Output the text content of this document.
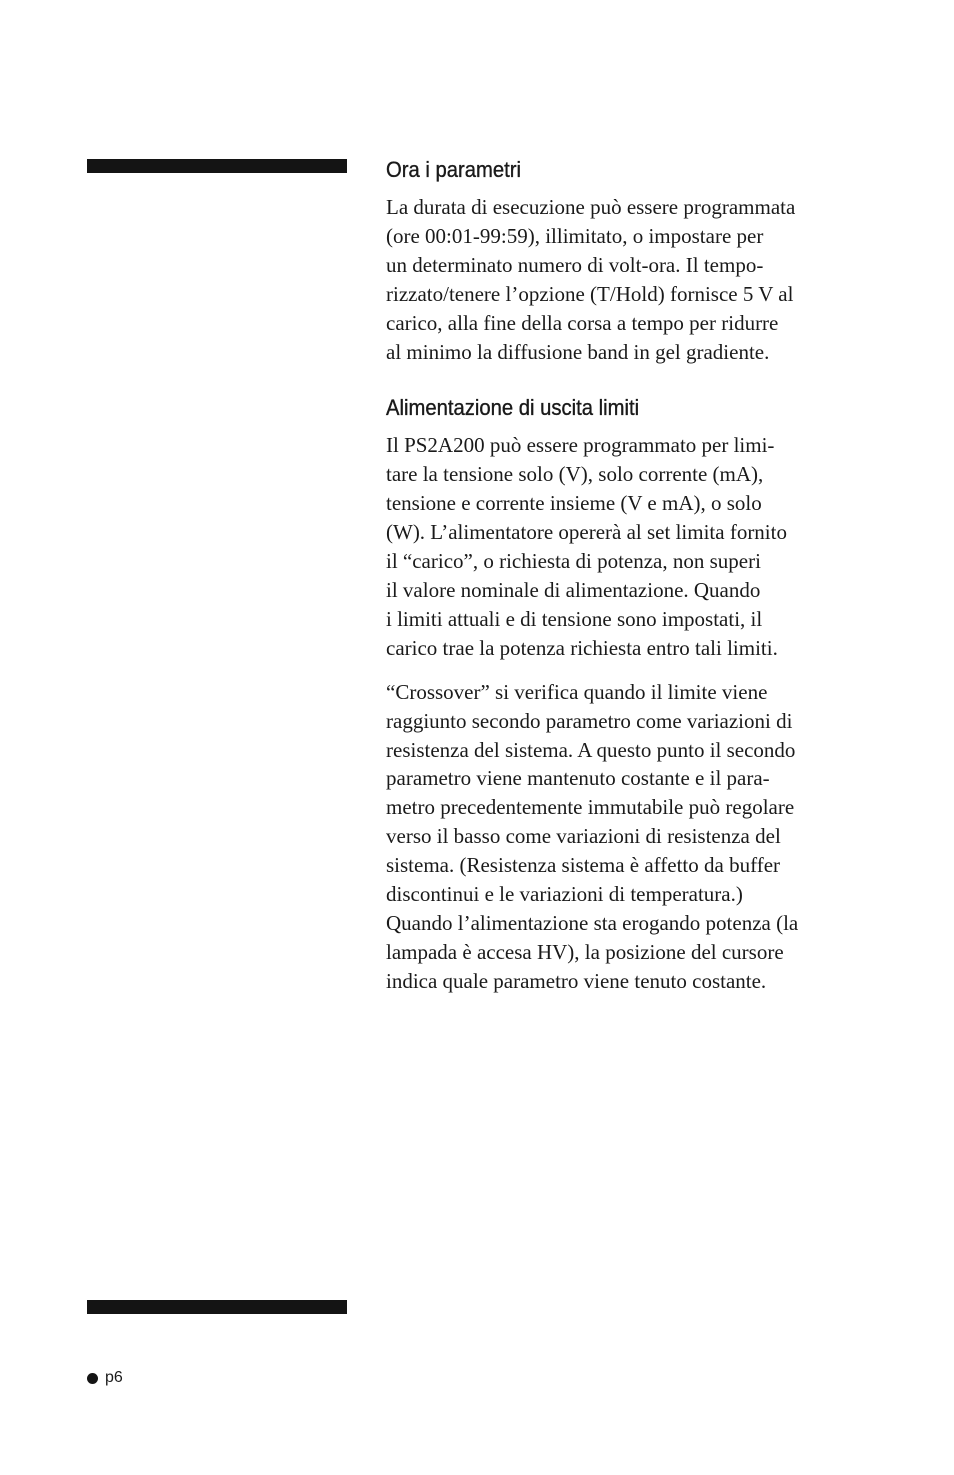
Ora i parametri

La durata di esecuzione può essere programmata
(ore 00:01-99:59), illimitato, o impostare per
un determinato numero di volt-ora. Il tempo-
rizzato/tenere l’opzione (T/Hold) fornisce 5 V al
carico, alla fine della corsa a tempo per ridurre
al minimo la diffusione band in gel gradiente.

Alimentazione di uscita limiti

Il PS2A200 può essere programmato per limi-
tare la tensione solo (V), solo corrente (mA),
tensione e corrente insieme (V e mA), o solo
(W). L’alimentatore opererà al set limita fornito
il “carico”, o richiesta di potenza, non superi
il valore nominale di alimentazione. Quando
i limiti attuali e di tensione sono impostati, il
carico trae la potenza richiesta entro tali limiti.

“Crossover” si verifica quando il limite viene
raggiunto secondo parametro come variazioni di
resistenza del sistema. A questo punto il secondo
parametro viene mantenuto costante e il para-
metro precedentemente immutabile può regolare
verso il basso come variazioni di resistenza del
sistema. (Resistenza sistema è affetto da buffer
discontinui e le variazioni di temperatura.)
Quando l’alimentazione sta erogando potenza (la
lampada è accesa HV), la posizione del cursore
indica quale parametro viene tenuto costante.

p6
